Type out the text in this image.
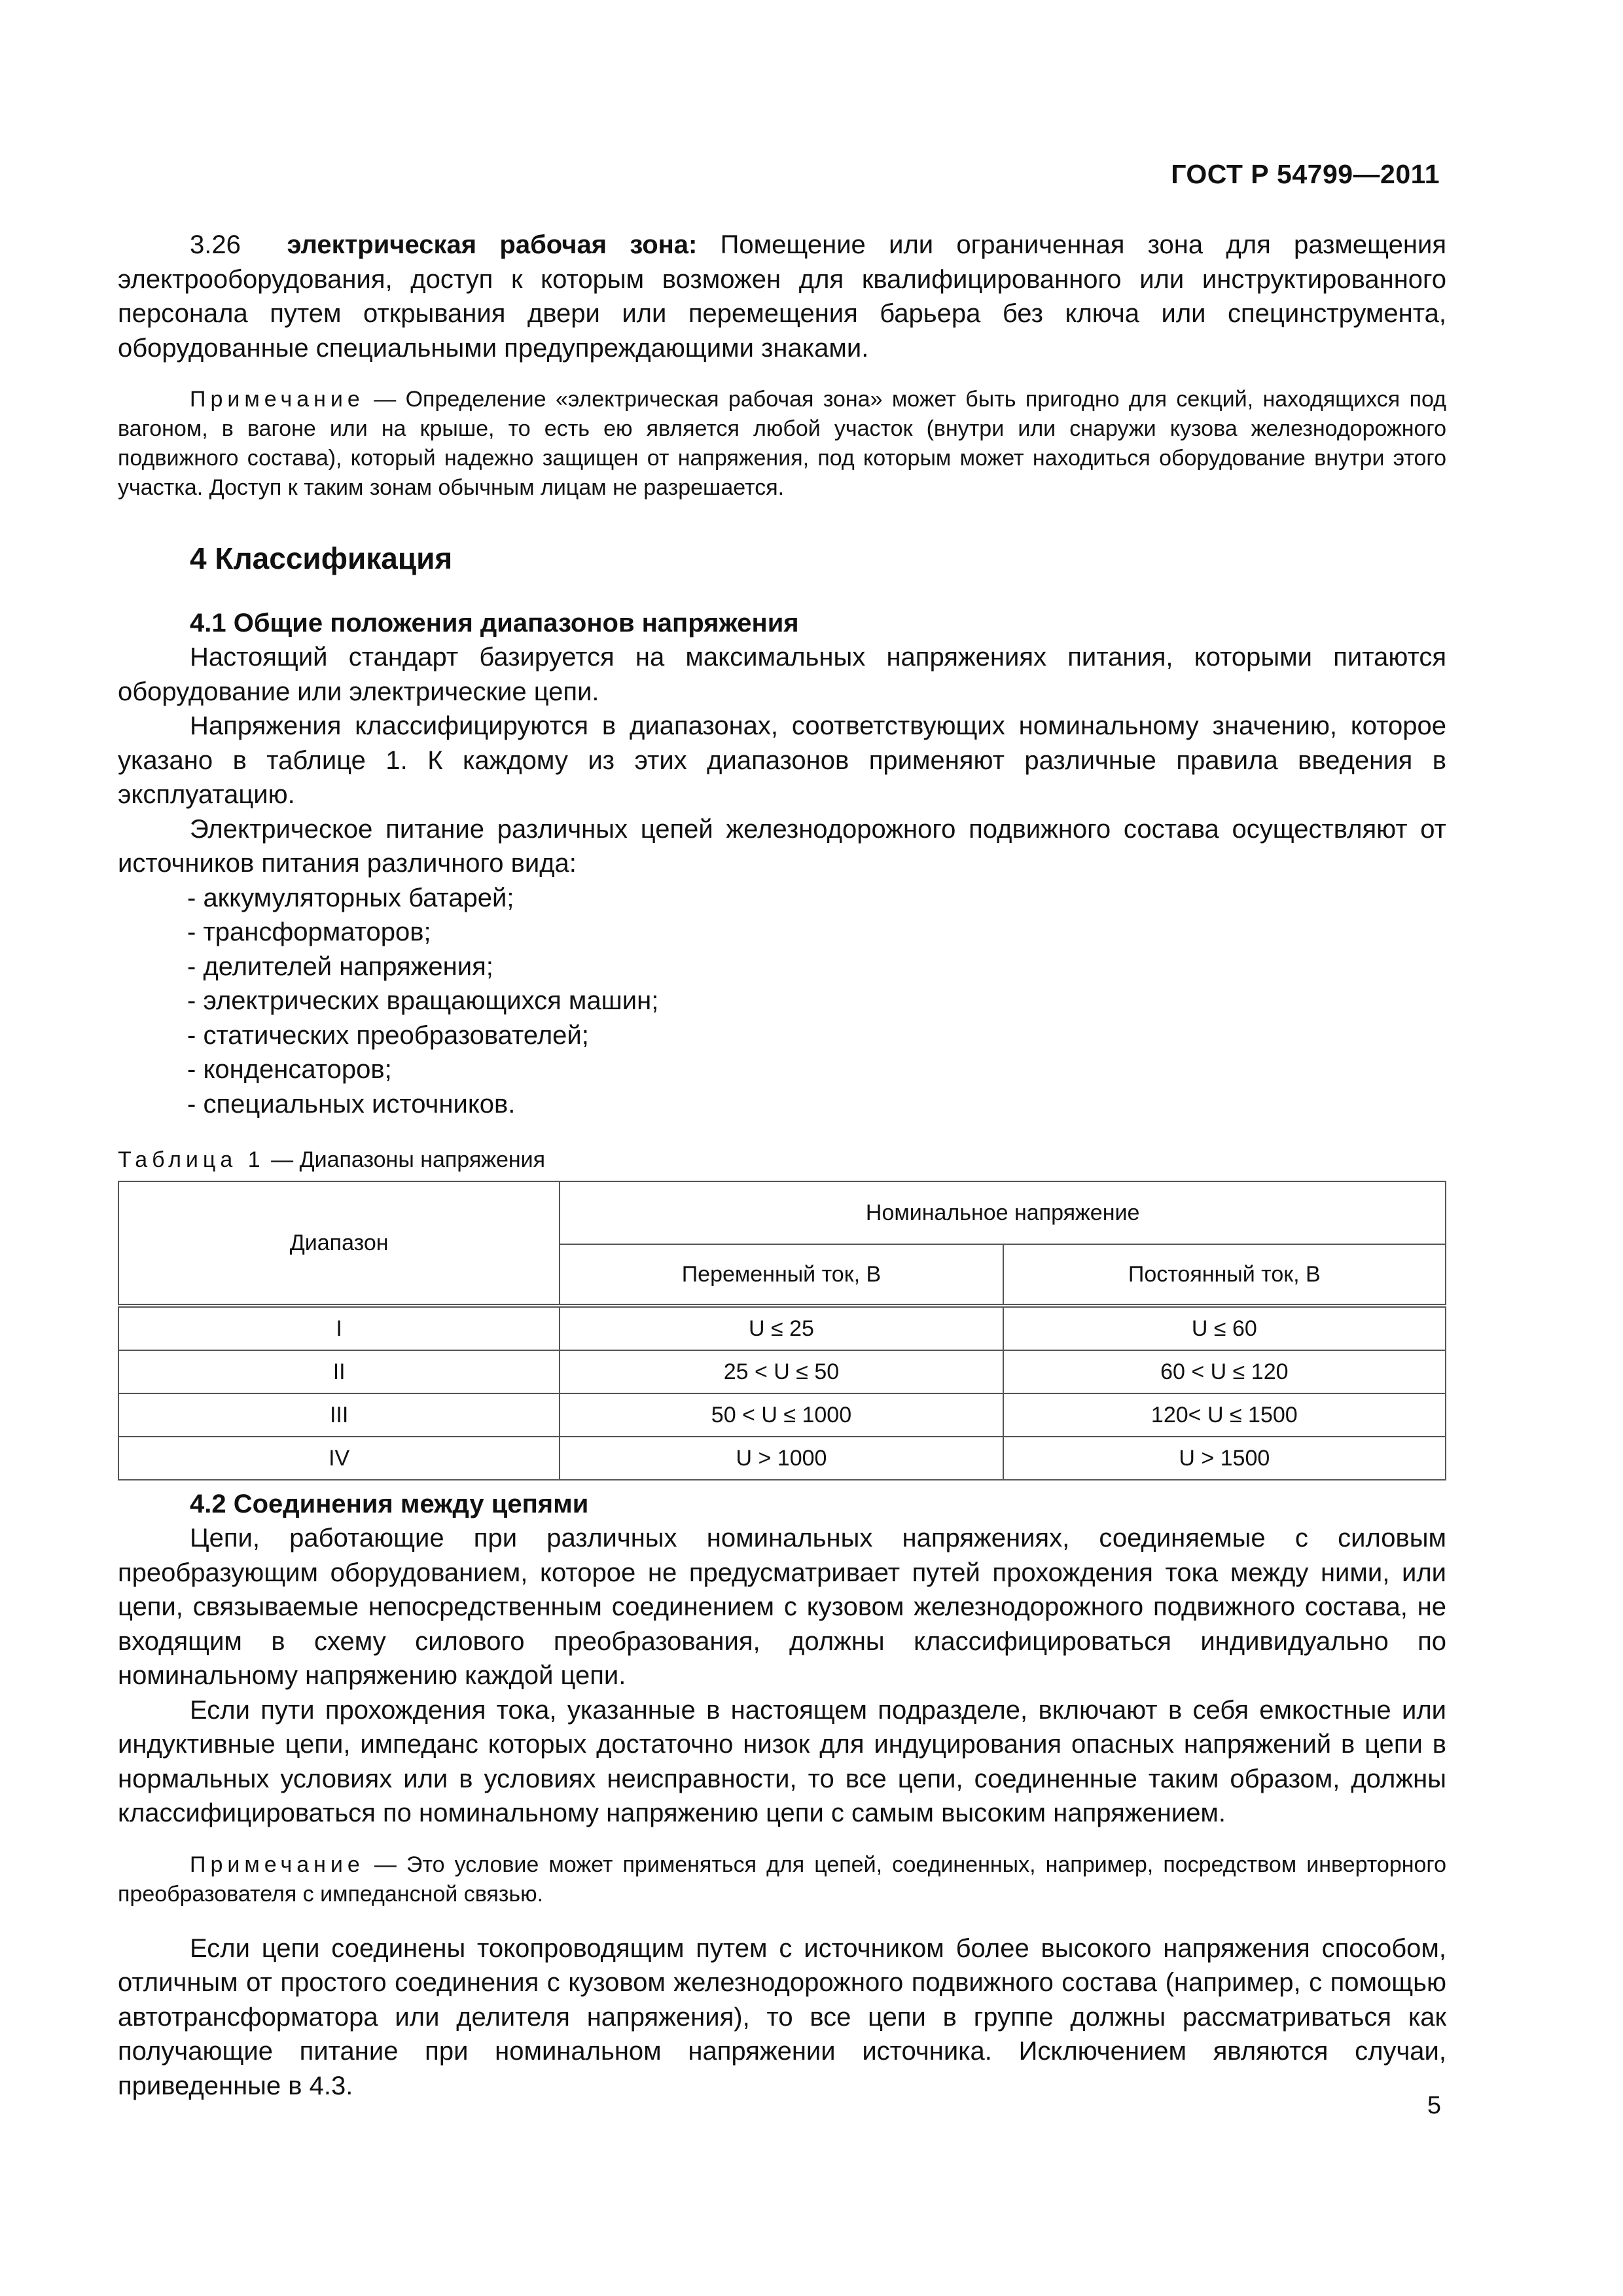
ГОСТ Р 54799—2011

3.26 электрическая рабочая зона: Помещение или ограниченная зона для размещения электрооборудования, доступ к которым возможен для квалифицированного или инструктированного персонала путем открывания двери или перемещения барьера без ключа или специнструмента, оборудованные специальными предупреждающими знаками.

Примечание — Определение «электрическая рабочая зона» может быть пригодно для секций, находящихся под вагоном, в вагоне или на крыше, то есть ею является любой участок (внутри или снаружи кузова железнодорожного подвижного состава), который надежно защищен от напряжения, под которым может находиться оборудование внутри этого участка. Доступ к таким зонам обычным лицам не разрешается.

4 Классификация
4.1 Общие положения диапазонов напряжения

Настоящий стандарт базируется на максимальных напряжениях питания, которыми питаются оборудование или электрические цепи.

Напряжения классифицируются в диапазонах, соответствующих номинальному значению, которое указано в таблице 1. К каждому из этих диапазонов применяют различные правила введения в эксплуатацию.

Электрическое питание различных цепей железнодорожного подвижного состава осуществляют от источников питания различного вида:

- аккумуляторных батарей;
- трансформаторов;
- делителей напряжения;
- электрических вращающихся машин;
- статических преобразователей;
- конденсаторов;
- специальных источников.
Таблица 1 — Диапазоны напряжения
Диапазон	Номинальное напряжение	
	Переменный ток, В	Постоянный ток, В
I	U ≤ 25	U ≤ 60
II	25 < U ≤ 50	60 < U ≤ 120
III	50 < U ≤ 1000	120< U ≤ 1500
IV	U > 1000	U > 1500
4.2 Соединения между цепями

Цепи, работающие при различных номинальных напряжениях, соединяемые с силовым преобразующим оборудованием, которое не предусматривает путей прохождения тока между ними, или цепи, связываемые непосредственным соединением с кузовом железнодорожного подвижного состава, не входящим в схему силового преобразования, должны классифицироваться индивидуально по номинальному напряжению каждой цепи.

Если пути прохождения тока, указанные в настоящем подразделе, включают в себя емкостные или индуктивные цепи, импеданс которых достаточно низок для индуцирования опасных напряжений в цепи в нормальных условиях или в условиях неисправности, то все цепи, соединенные таким образом, должны классифицироваться по номинальному напряжению цепи с самым высоким напряжением.

Примечание — Это условие может применяться для цепей, соединенных, например, посредством инверторного преобразователя с импедансной связью.

Если цепи соединены токопроводящим путем с источником более высокого напряжения способом, отличным от простого соединения с кузовом железнодорожного подвижного состава (например, с помощью автотрансформатора или делителя напряжения), то все цепи в группе должны рассматриваться как получающие питание при номинальном напряжении источника. Исключением являются случаи, приведенные в 4.3.

5
